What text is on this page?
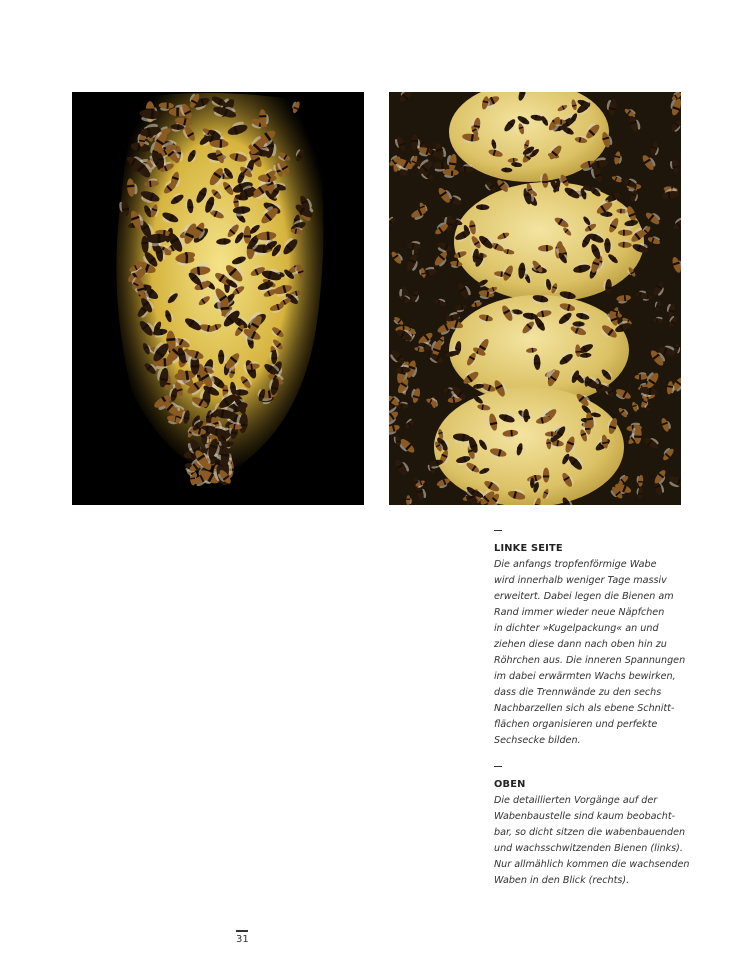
LINKE SEITE
Die anfangs tropfenförmige Wabe
wird innerhalb weniger Tage massiv
erweitert. Dabei legen die Bienen am
Rand immer wieder neue Näpfchen
in dichter »Kugelpackung« an und
ziehen diese dann nach oben hin zu
Röhrchen aus. Die inneren Spannungen
im dabei erwärmten Wachs bewirken,
dass die Trennwände zu den sechs
Nachbarzellen sich als ebene Schnitt-
flächen organisieren und perfekte
Sechsecke bilden.
OBEN
Die detaillierten Vorgänge auf der
Wabenbaustelle sind kaum beobacht-
bar, so dicht sitzen die wabenbauenden
und wachsschwitzenden Bienen (links).
Nur allmählich kommen die wachsenden
Waben in den Blick (rechts).
31
